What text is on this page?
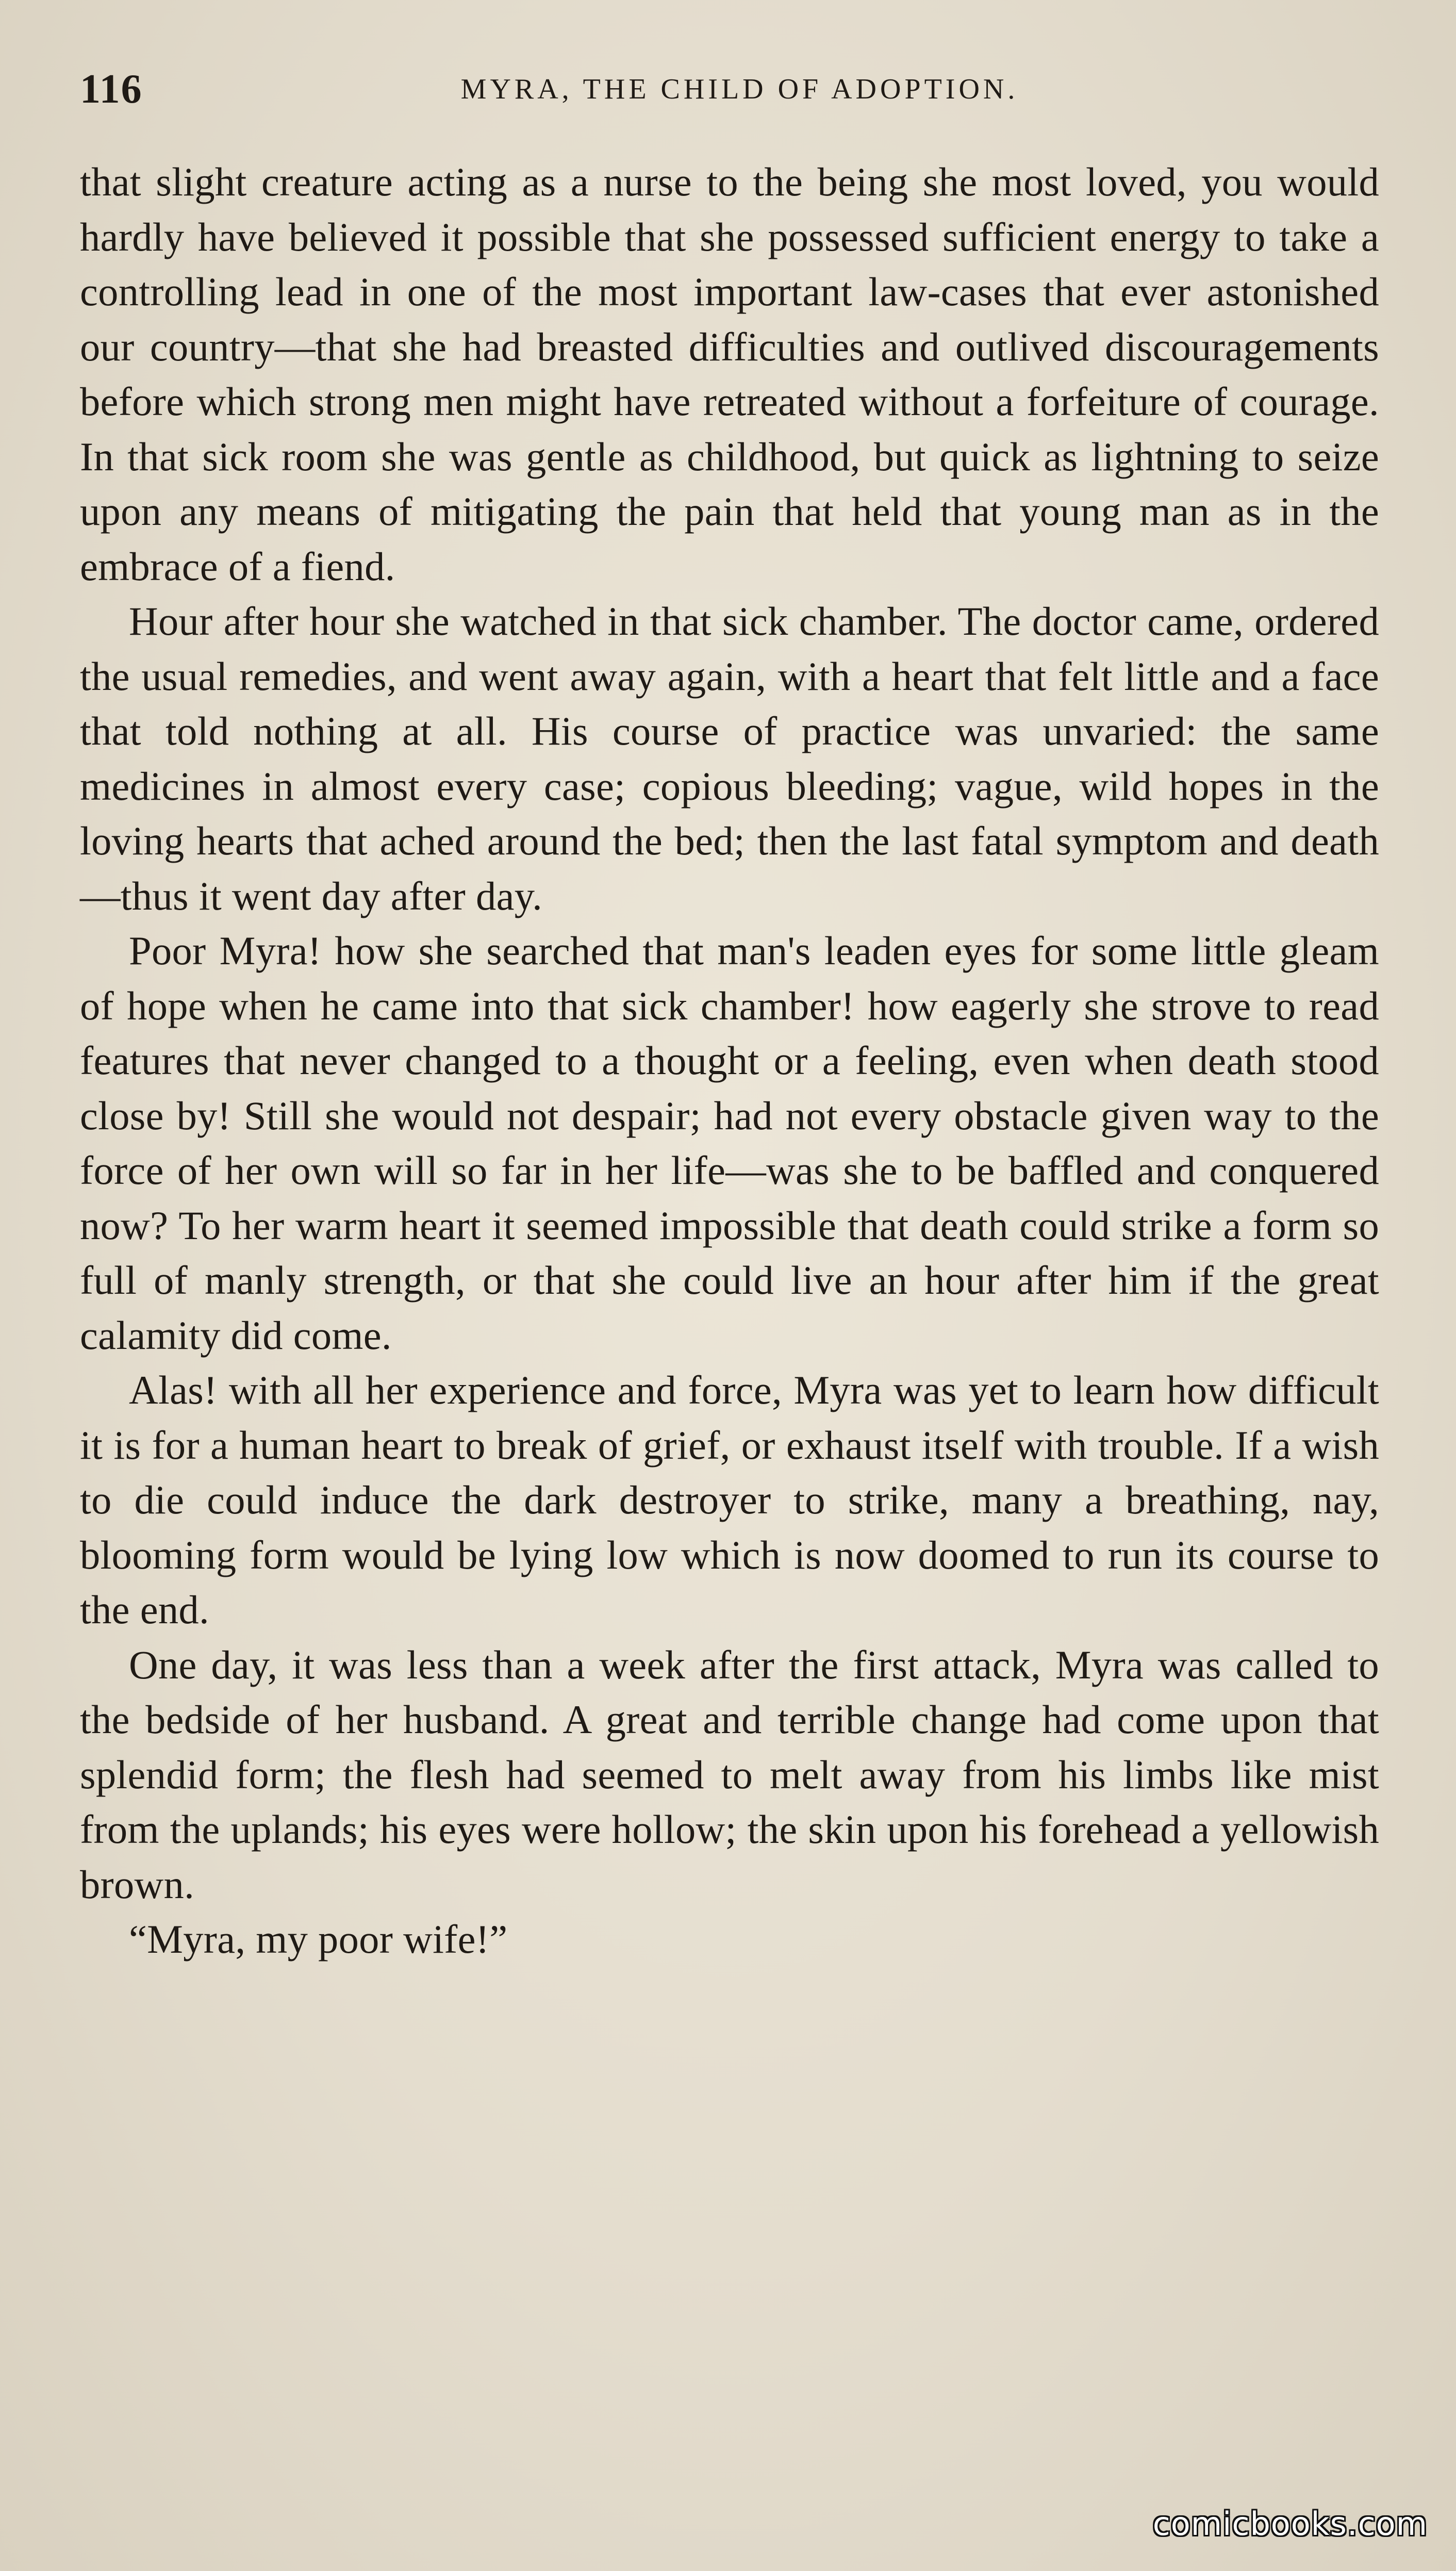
116	MYRA, THE CHILD OF ADOPTION.

that slight creature acting as a nurse to the being she most loved, you would hardly have believed it possible that she possessed sufficient energy to take a controlling lead in one of the most important law-cases that ever astonished our country—that she had breasted difficulties and outlived discouragements before which strong men might have retreated without a forfeiture of courage. In that sick room she was gentle as childhood, but quick as lightning to seize upon any means of mitigating the pain that held that young man as in the embrace of a fiend.

Hour after hour she watched in that sick chamber. The doctor came, ordered the usual remedies, and went away again, with a heart that felt little and a face that told nothing at all. His course of practice was unvaried: the same medicines in almost every case; copious bleeding; vague, wild hopes in the loving hearts that ached around the bed; then the last fatal symptom and death—thus it went day after day.

Poor Myra! how she searched that man's leaden eyes for some little gleam of hope when he came into that sick chamber! how eagerly she strove to read features that never changed to a thought or a feeling, even when death stood close by! Still she would not despair; had not every obstacle given way to the force of her own will so far in her life—was she to be baffled and conquered now? To her warm heart it seemed impossible that death could strike a form so full of manly strength, or that she could live an hour after him if the great calamity did come.

Alas! with all her experience and force, Myra was yet to learn how difficult it is for a human heart to break of grief, or exhaust itself with trouble. If a wish to die could induce the dark destroyer to strike, many a breathing, nay, blooming form would be lying low which is now doomed to run its course to the end.

One day, it was less than a week after the first attack, Myra was called to the bedside of her husband. A great and terrible change had come upon that splendid form; the flesh had seemed to melt away from his limbs like mist from the uplands; his eyes were hollow; the skin upon his forehead a yellowish brown.

“Myra, my poor wife!”

comicbooks.com
